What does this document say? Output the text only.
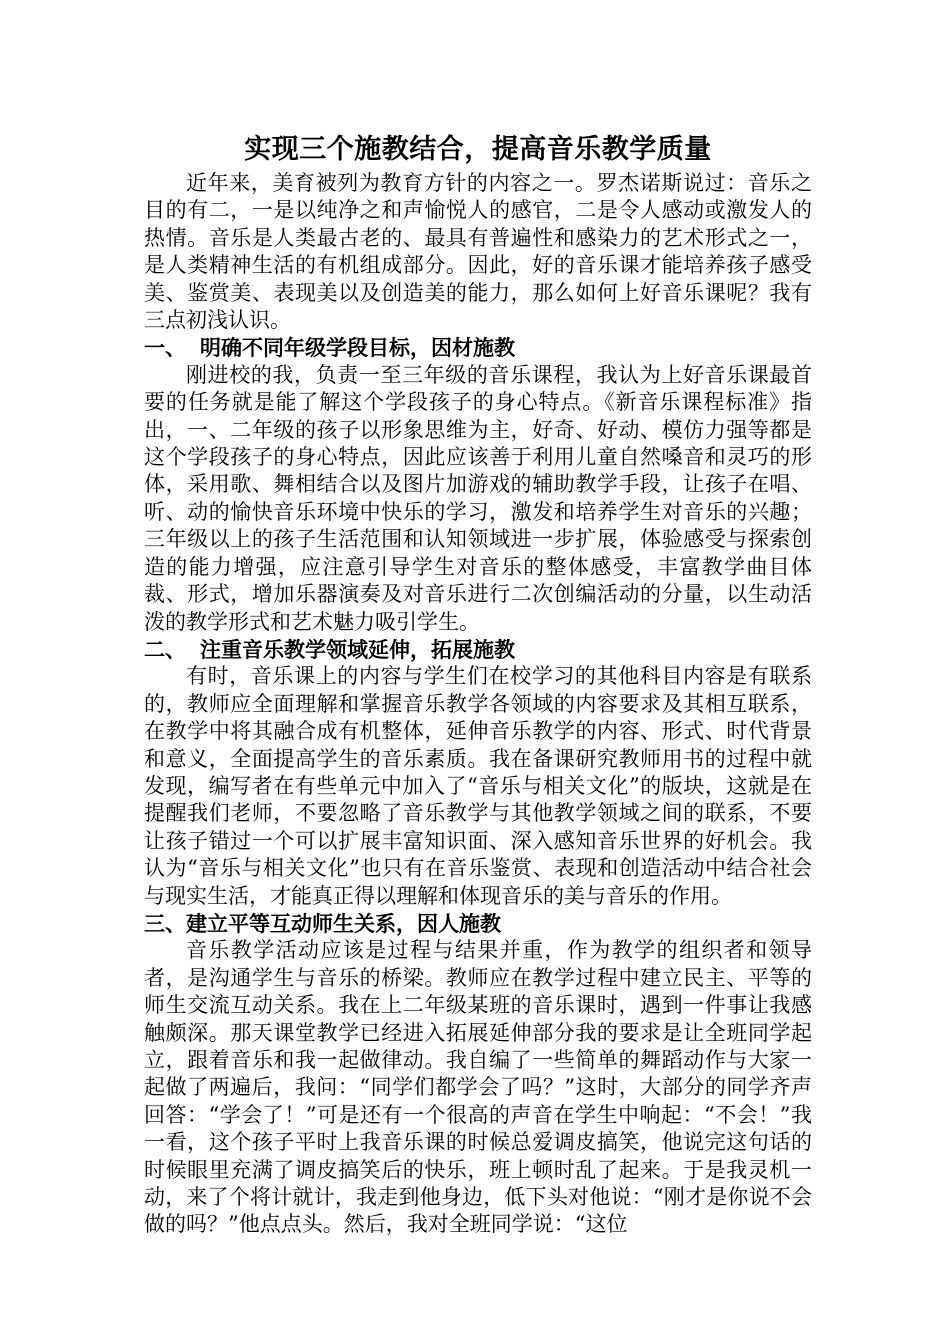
实现三个施教结合，提高音乐教学质量

近年来，美育被列为教育方针的内容之一。罗杰诺斯说过：音乐之目的有二，一是以纯净之和声愉悦人的感官，二是令人感动或激发人的热情。音乐是人类最古老的、最具有普遍性和感染力的艺术形式之一，是人类精神生活的有机组成部分。因此，好的音乐课才能培养孩子感受美、鉴赏美、表现美以及创造美的能力，那么如何上好音乐课呢？我有三点初浅认识。

一、 明确不同年级学段目标，因材施教

刚进校的我，负责一至三年级的音乐课程，我认为上好音乐课最首要的任务就是能了解这个学段孩子的身心特点。《新音乐课程标准》指出，一、二年级的孩子以形象思维为主，好奇、好动、模仿力强等都是这个学段孩子的身心特点，因此应该善于利用儿童自然嗓音和灵巧的形体，采用歌、舞相结合以及图片加游戏的辅助教学手段，让孩子在唱、听、动的愉快音乐环境中快乐的学习，激发和培养学生对音乐的兴趣；三年级以上的孩子生活范围和认知领域进一步扩展，体验感受与探索创造的能力增强，应注意引导学生对音乐的整体感受，丰富教学曲目体裁、形式，增加乐器演奏及对音乐进行二次创编活动的分量，以生动活泼的教学形式和艺术魅力吸引学生。

二、 注重音乐教学领域延伸，拓展施教

有时，音乐课上的内容与学生们在校学习的其他科目内容是有联系的，教师应全面理解和掌握音乐教学各领域的内容要求及其相互联系，在教学中将其融合成有机整体，延伸音乐教学的内容、形式、时代背景和意义，全面提高学生的音乐素质。我在备课研究教师用书的过程中就发现，编写者在有些单元中加入了“音乐与相关文化”的版块，这就是在提醒我们老师，不要忽略了音乐教学与其他教学领域之间的联系，不要让孩子错过一个可以扩展丰富知识面、深入感知音乐世界的好机会。我认为“音乐与相关文化”也只有在音乐鉴赏、表现和创造活动中结合社会与现实生活，才能真正得以理解和体现音乐的美与音乐的作用。

三、建立平等互动师生关系，因人施教

音乐教学活动应该是过程与结果并重，作为教学的组织者和领导者，是沟通学生与音乐的桥梁。教师应在教学过程中建立民主、平等的师生交流互动关系。我在上二年级某班的音乐课时，遇到一件事让我感触颇深。那天课堂教学已经进入拓展延伸部分我的要求是让全班同学起立，跟着音乐和我一起做律动。我自编了一些简单的舞蹈动作与大家一起做了两遍后，我问：“同学们都学会了吗？”这时，大部分的同学齐声回答：“学会了！”可是还有一个很高的声音在学生中响起：“不会！”我一看，这个孩子平时上我音乐课的时候总爱调皮搞笑，他说完这句话的时候眼里充满了调皮搞笑后的快乐，班上顿时乱了起来。于是我灵机一动，来了个将计就计，我走到他身边，低下头对他说：“刚才是你说不会做的吗？”他点点头。然后，我对全班同学说：“这位
